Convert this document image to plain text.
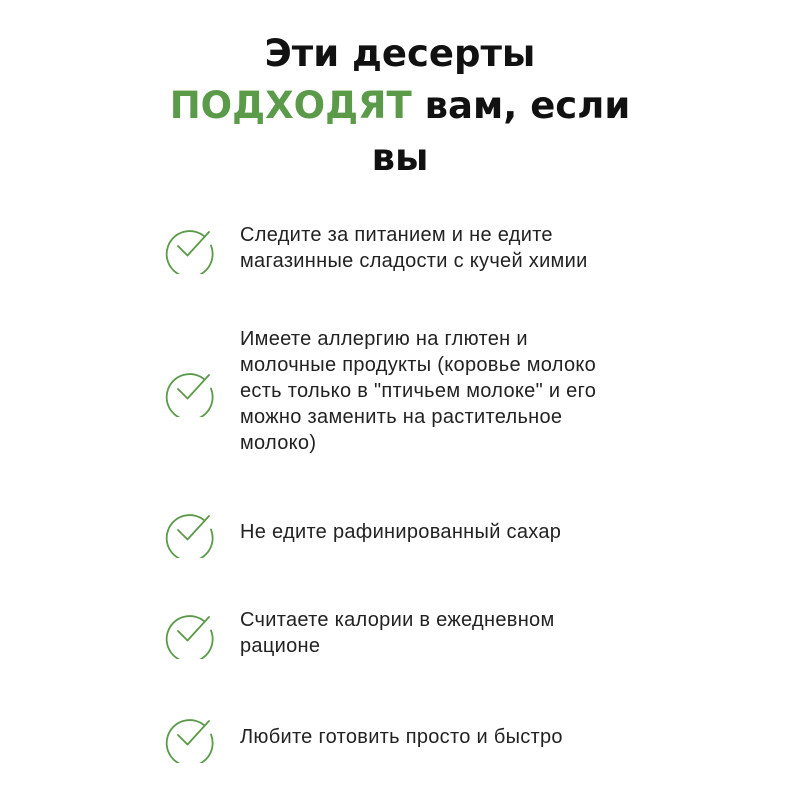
Эти десерты
ПОДХОДЯТ вам, если
вы
Следите за питанием и не едите магазинные сладости с кучей химии
Имеете аллергию на глютен и молочные продукты (коровье молоко есть только в "птичьем молоке" и его можно заменить на растительное молоко)
Не едите рафинированный сахар
Считаете калории в ежедневном рационе
Любите готовить просто и быстро
